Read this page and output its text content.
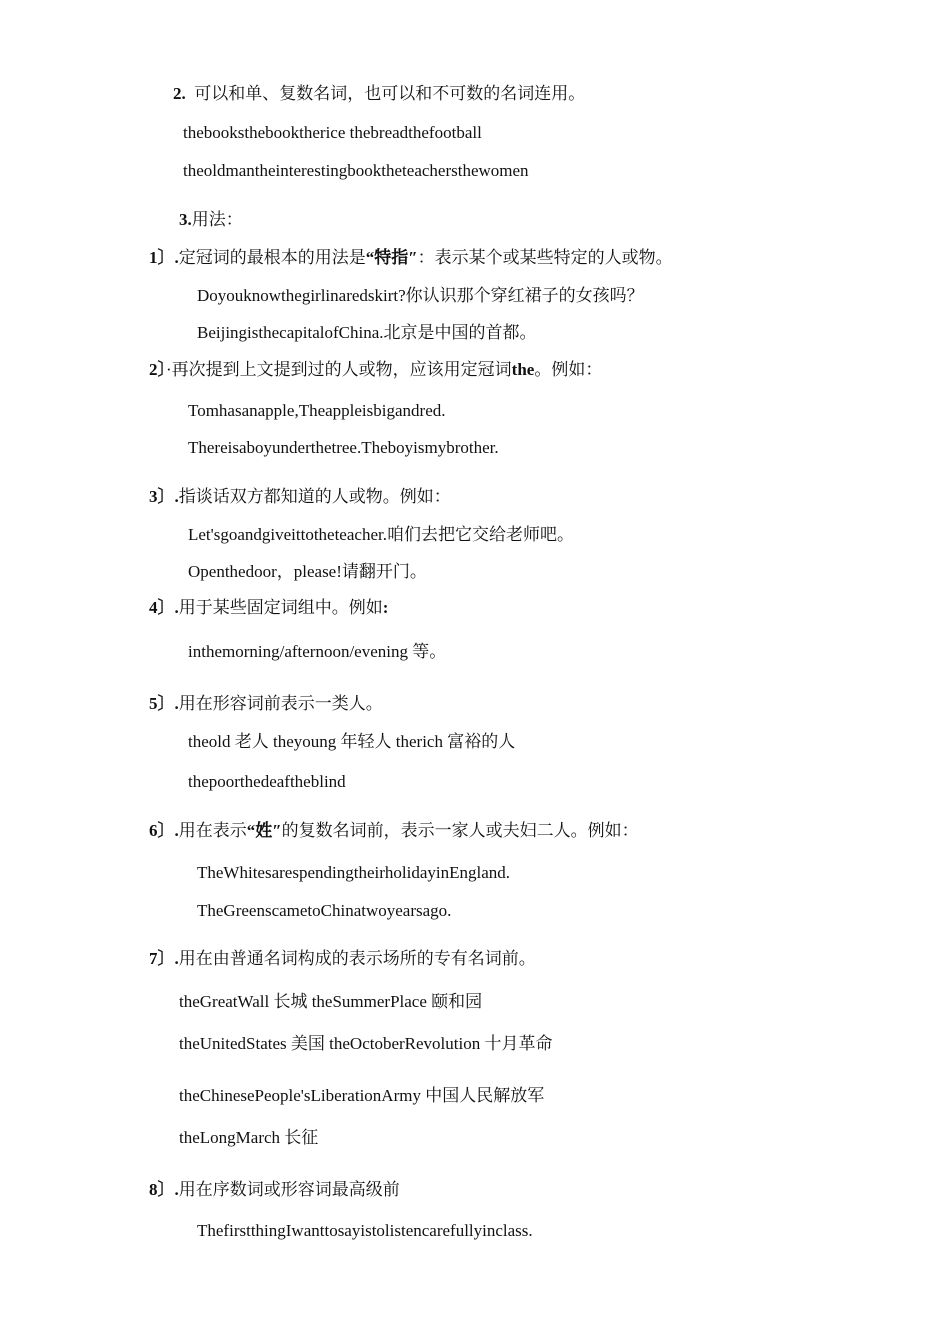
2. 可以和单、复数名词，也可以和不可数的名词连用。
thebooksthebooktherice thebreadthefootball
theoldmantheinterestingbooktheteachersthewomen
3.用法：
1〕.定冠词的最根本的用法是“特指″：表示某个或某些特定的人或物。
Doyouknowthegirlinaredskirt?你认识那个穿红裙子的女孩吗？
BeijingisthecapitalofChina.北京是中国的首都。
2〕·再次提到上文提到过的人或物，应该用定冠词the。例如：
Tomhasanapple,Theappleisbigandred.
Thereisaboyunderthetree.Theboyismybrother.
3〕.指谈话双方都知道的人或物。例如：
Let'sgoandgiveittotheteacher.咱们去把它交给老师吧。
Openthedoor，please!请翻开门。
4〕.用于某些固定词组中。例如:
inthemorning/afternoon/evening 等。
5〕.用在形容词前表示一类人。
theold 老人 theyoung 年轻人 therich 富裕的人
thepoorthedeaftheblind
6〕.用在表示“姓″的复数名词前，表示一家人或夫妇二人。例如：
TheWhitesarespendingtheirholidayinEngland.
TheGreenscametoChinatwoyearsago.
7〕.用在由普通名词构成的表示场所的专有名词前。
theGreatWall 长城 theSummerPlace 颐和园
theUnitedStates 美国 theOctoberRevolution 十月革命
theChinesePeople'sLiberationArmy 中国人民解放军
theLongMarch 长征
8〕.用在序数词或形容词最高级前
ThefirstthingIwanttosayistolistencarefullyinclass.
